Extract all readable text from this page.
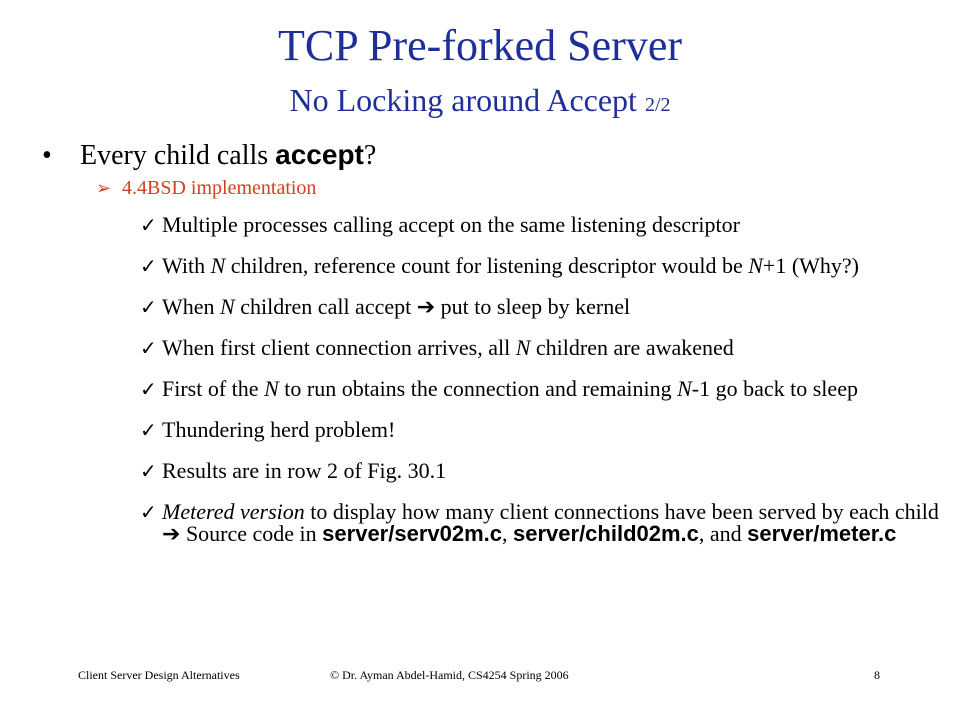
TCP Pre-forked Server
No Locking around Accept 2/2
• Every child calls accept?
➢ 4.4BSD implementation
✓ Multiple processes calling accept on the same listening descriptor
✓ With N children, reference count for listening descriptor would be N+1 (Why?)
✓ When N children call accept ➔ put to sleep by kernel
✓ When first client connection arrives, all N children are awakened
✓ First of the N to run obtains the connection and remaining N-1 go back to sleep
✓ Thundering herd problem!
✓ Results are in row 2 of Fig. 30.1
✓ Metered version to display how many client connections have been served by each child ➔ Source code in server/serv02m.c, server/child02m.c, and server/meter.c
Client Server Design Alternatives	© Dr. Ayman Abdel-Hamid, CS4254 Spring 2006	8
